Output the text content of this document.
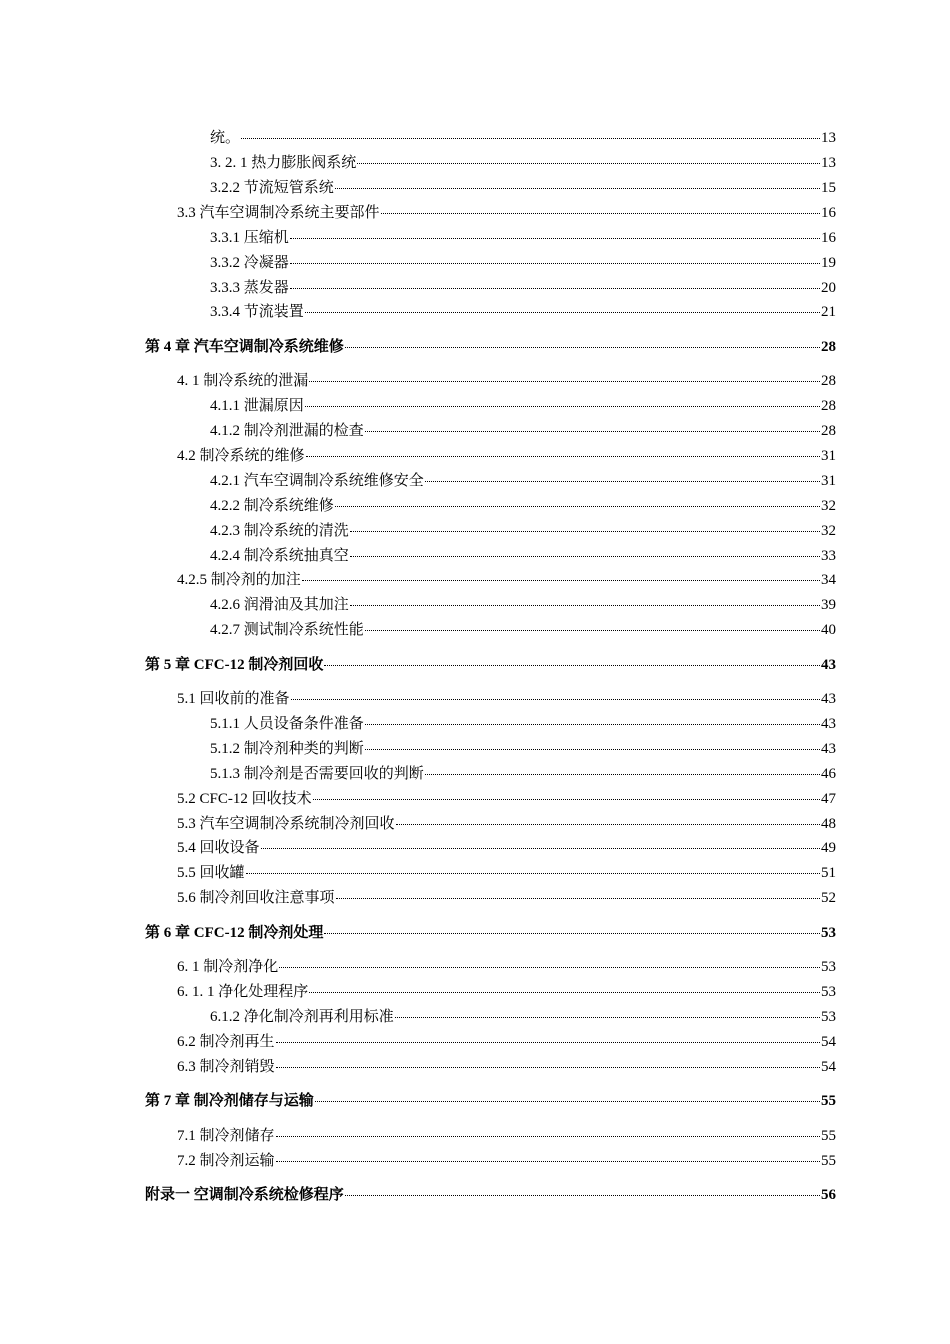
统。	13
3. 2. 1 热力膨胀阀系统	13
3.2.2 节流短管系统	15
3.3 汽车空调制冷系统主要部件	16
3.3.1 压缩机	16
3.3.2 冷凝器	19
3.3.3 蒸发器	20
3.3.4 节流装置	21
第 4 章 汽车空调制冷系统维修	28
4. 1 制冷系统的泄漏	28
4.1.1 泄漏原因	28
4.1.2 制冷剂泄漏的检查	28
4.2 制冷系统的维修	31
4.2.1 汽车空调制冷系统维修安全	31
4.2.2 制冷系统维修	32
4.2.3 制冷系统的清洗	32
4.2.4 制冷系统抽真空	33
4.2.5 制冷剂的加注	34
4.2.6 润滑油及其加注	39
4.2.7 测试制冷系统性能	40
第 5 章 CFC-12 制冷剂回收	43
5.1 回收前的准备	43
5.1.1 人员设备条件准备	43
5.1.2 制冷剂种类的判断	43
5.1.3 制冷剂是否需要回收的判断	46
5.2 CFC-12 回收技术	47
5.3 汽车空调制冷系统制冷剂回收	48
5.4 回收设备	49
5.5 回收罐	51
5.6 制冷剂回收注意事项	52
第 6 章 CFC-12 制冷剂处理	53
6. 1 制冷剂净化	53
6. 1. 1 净化处理程序	53
6.1.2 净化制冷剂再利用标准	53
6.2 制冷剂再生	54
6.3 制冷剂销毁	54
第 7 章 制冷剂储存与运输	55
7.1 制冷剂储存	55
7.2 制冷剂运输	55
附录一 空调制冷系统检修程序	56
